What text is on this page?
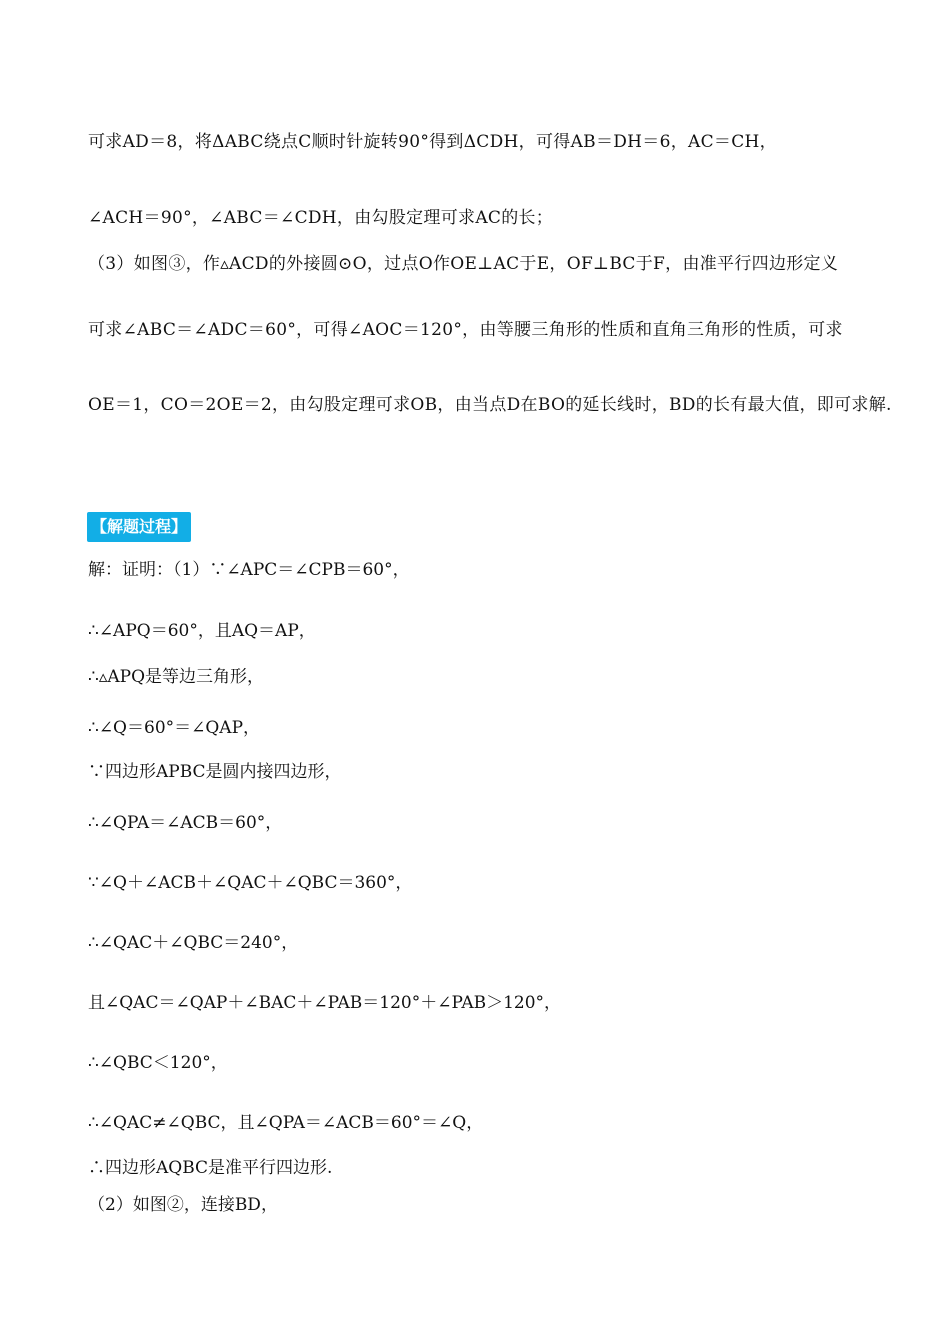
可求AD＝8，将ΔABC绕点C顺时针旋转90°得到ΔCDH，可得AB＝DH＝6，AC＝CH，
∠ACH＝90°，∠ABC＝∠CDH，由勾股定理可求AC的长；
（3）如图③，作▵ACD的外接圆⊙O，过点O作OE⊥AC于E，OF⊥BC于F，由准平行四边形定义
可求∠ABC＝∠ADC＝60°，可得∠AOC＝120°，由等腰三角形的性质和直角三角形的性质，可求
OE＝1，CO＝2OE＝2，由勾股定理可求OB，由当点D在BO的延长线时，BD的长有最大值，即可求解.
【解题过程】
解：证明：（1）∵∠APC＝∠CPB＝60°，
∴∠APQ＝60°，且AQ＝AP，
∴▵APQ是等边三角形，
∴∠Q＝60°＝∠QAP，
∵四边形APBC是圆内接四边形，
∴∠QPA＝∠ACB＝60°，
∵∠Q＋∠ACB＋∠QAC＋∠QBC＝360°，
∴∠QAC＋∠QBC＝240°，
且∠QAC＝∠QAP＋∠BAC＋∠PAB＝120°＋∠PAB＞120°，
∴∠QBC＜120°，
∴∠QAC≠∠QBC，且∠QPA＝∠ACB＝60°＝∠Q，
∴四边形AQBC是准平行四边形.
（2）如图②，连接BD，
